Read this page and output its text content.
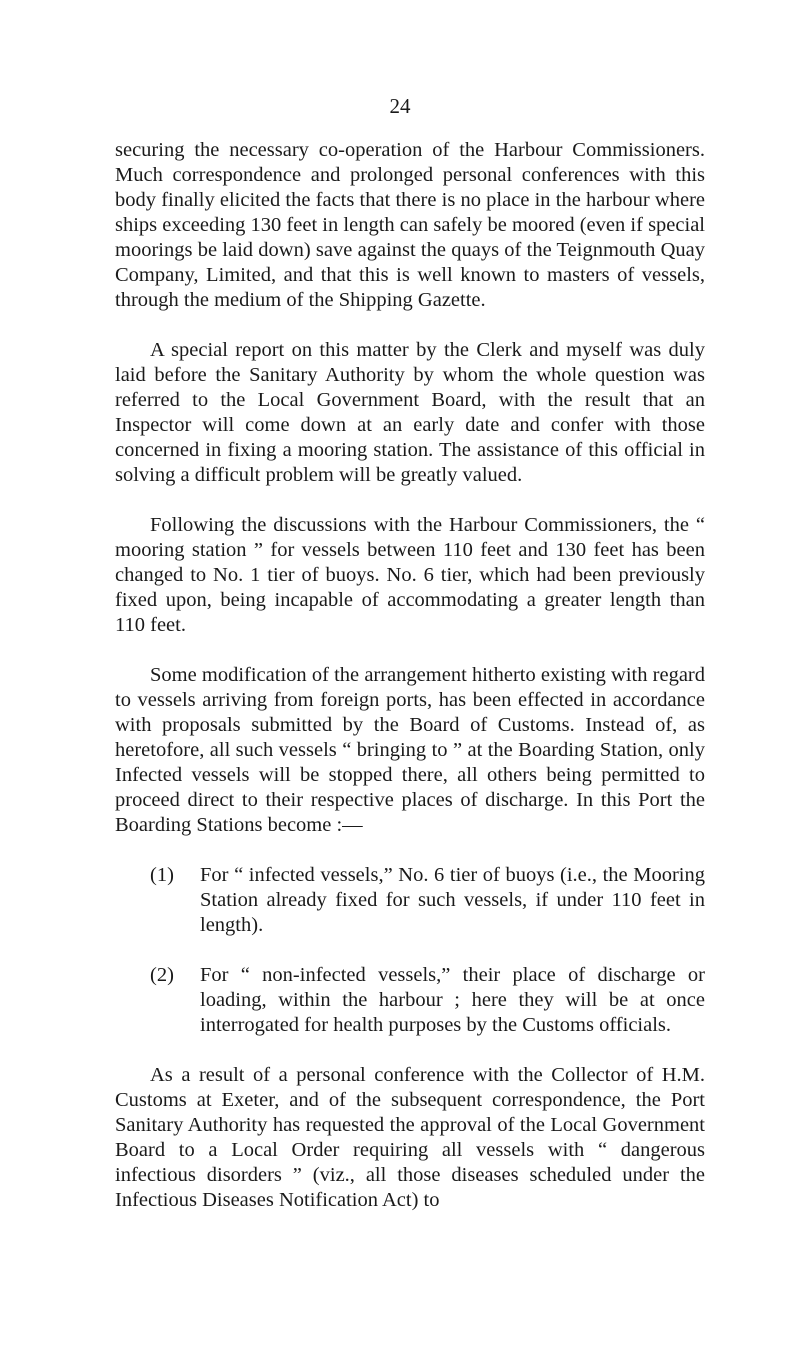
24

securing the necessary co-operation of the Harbour Commissioners. Much correspondence and prolonged personal conferences with this body finally elicited the facts that there is no place in the harbour where ships exceeding 130 feet in length can safely be moored (even if special moorings be laid down) save against the quays of the Teignmouth Quay Company, Limited, and that this is well known to masters of vessels, through the medium of the Shipping Gazette.

A special report on this matter by the Clerk and myself was duly laid before the Sanitary Authority by whom the whole question was referred to the Local Government Board, with the result that an Inspector will come down at an early date and confer with those concerned in fixing a mooring station. The assistance of this official in solving a difficult problem will be greatly valued.

Following the discussions with the Harbour Commissioners, the “ mooring station ” for vessels between 110 feet and 130 feet has been changed to No. 1 tier of buoys. No. 6 tier, which had been previously fixed upon, being incapable of accommodating a greater length than 110 feet.

Some modification of the arrangement hitherto existing with regard to vessels arriving from foreign ports, has been effected in accordance with proposals submitted by the Board of Customs. Instead of, as heretofore, all such vessels “ bringing to ” at the Boarding Station, only Infected vessels will be stopped there, all others being permitted to proceed direct to their respective places of discharge. In this Port the Boarding Stations become :—

(1)	For “ infected vessels,” No. 6 tier of buoys (i.e., the Mooring Station already fixed for such vessels, if under 110 feet in length).
(2)	For “ non-infected vessels,” their place of discharge or loading, within the harbour ; here they will be at once interrogated for health purposes by the Customs officials.

As a result of a personal conference with the Collector of H.M. Customs at Exeter, and of the subsequent correspondence, the Port Sanitary Authority has requested the approval of the Local Government Board to a Local Order requiring all vessels with “ dangerous infectious disorders ” (viz., all those diseases scheduled under the Infectious Diseases Notification Act) to
